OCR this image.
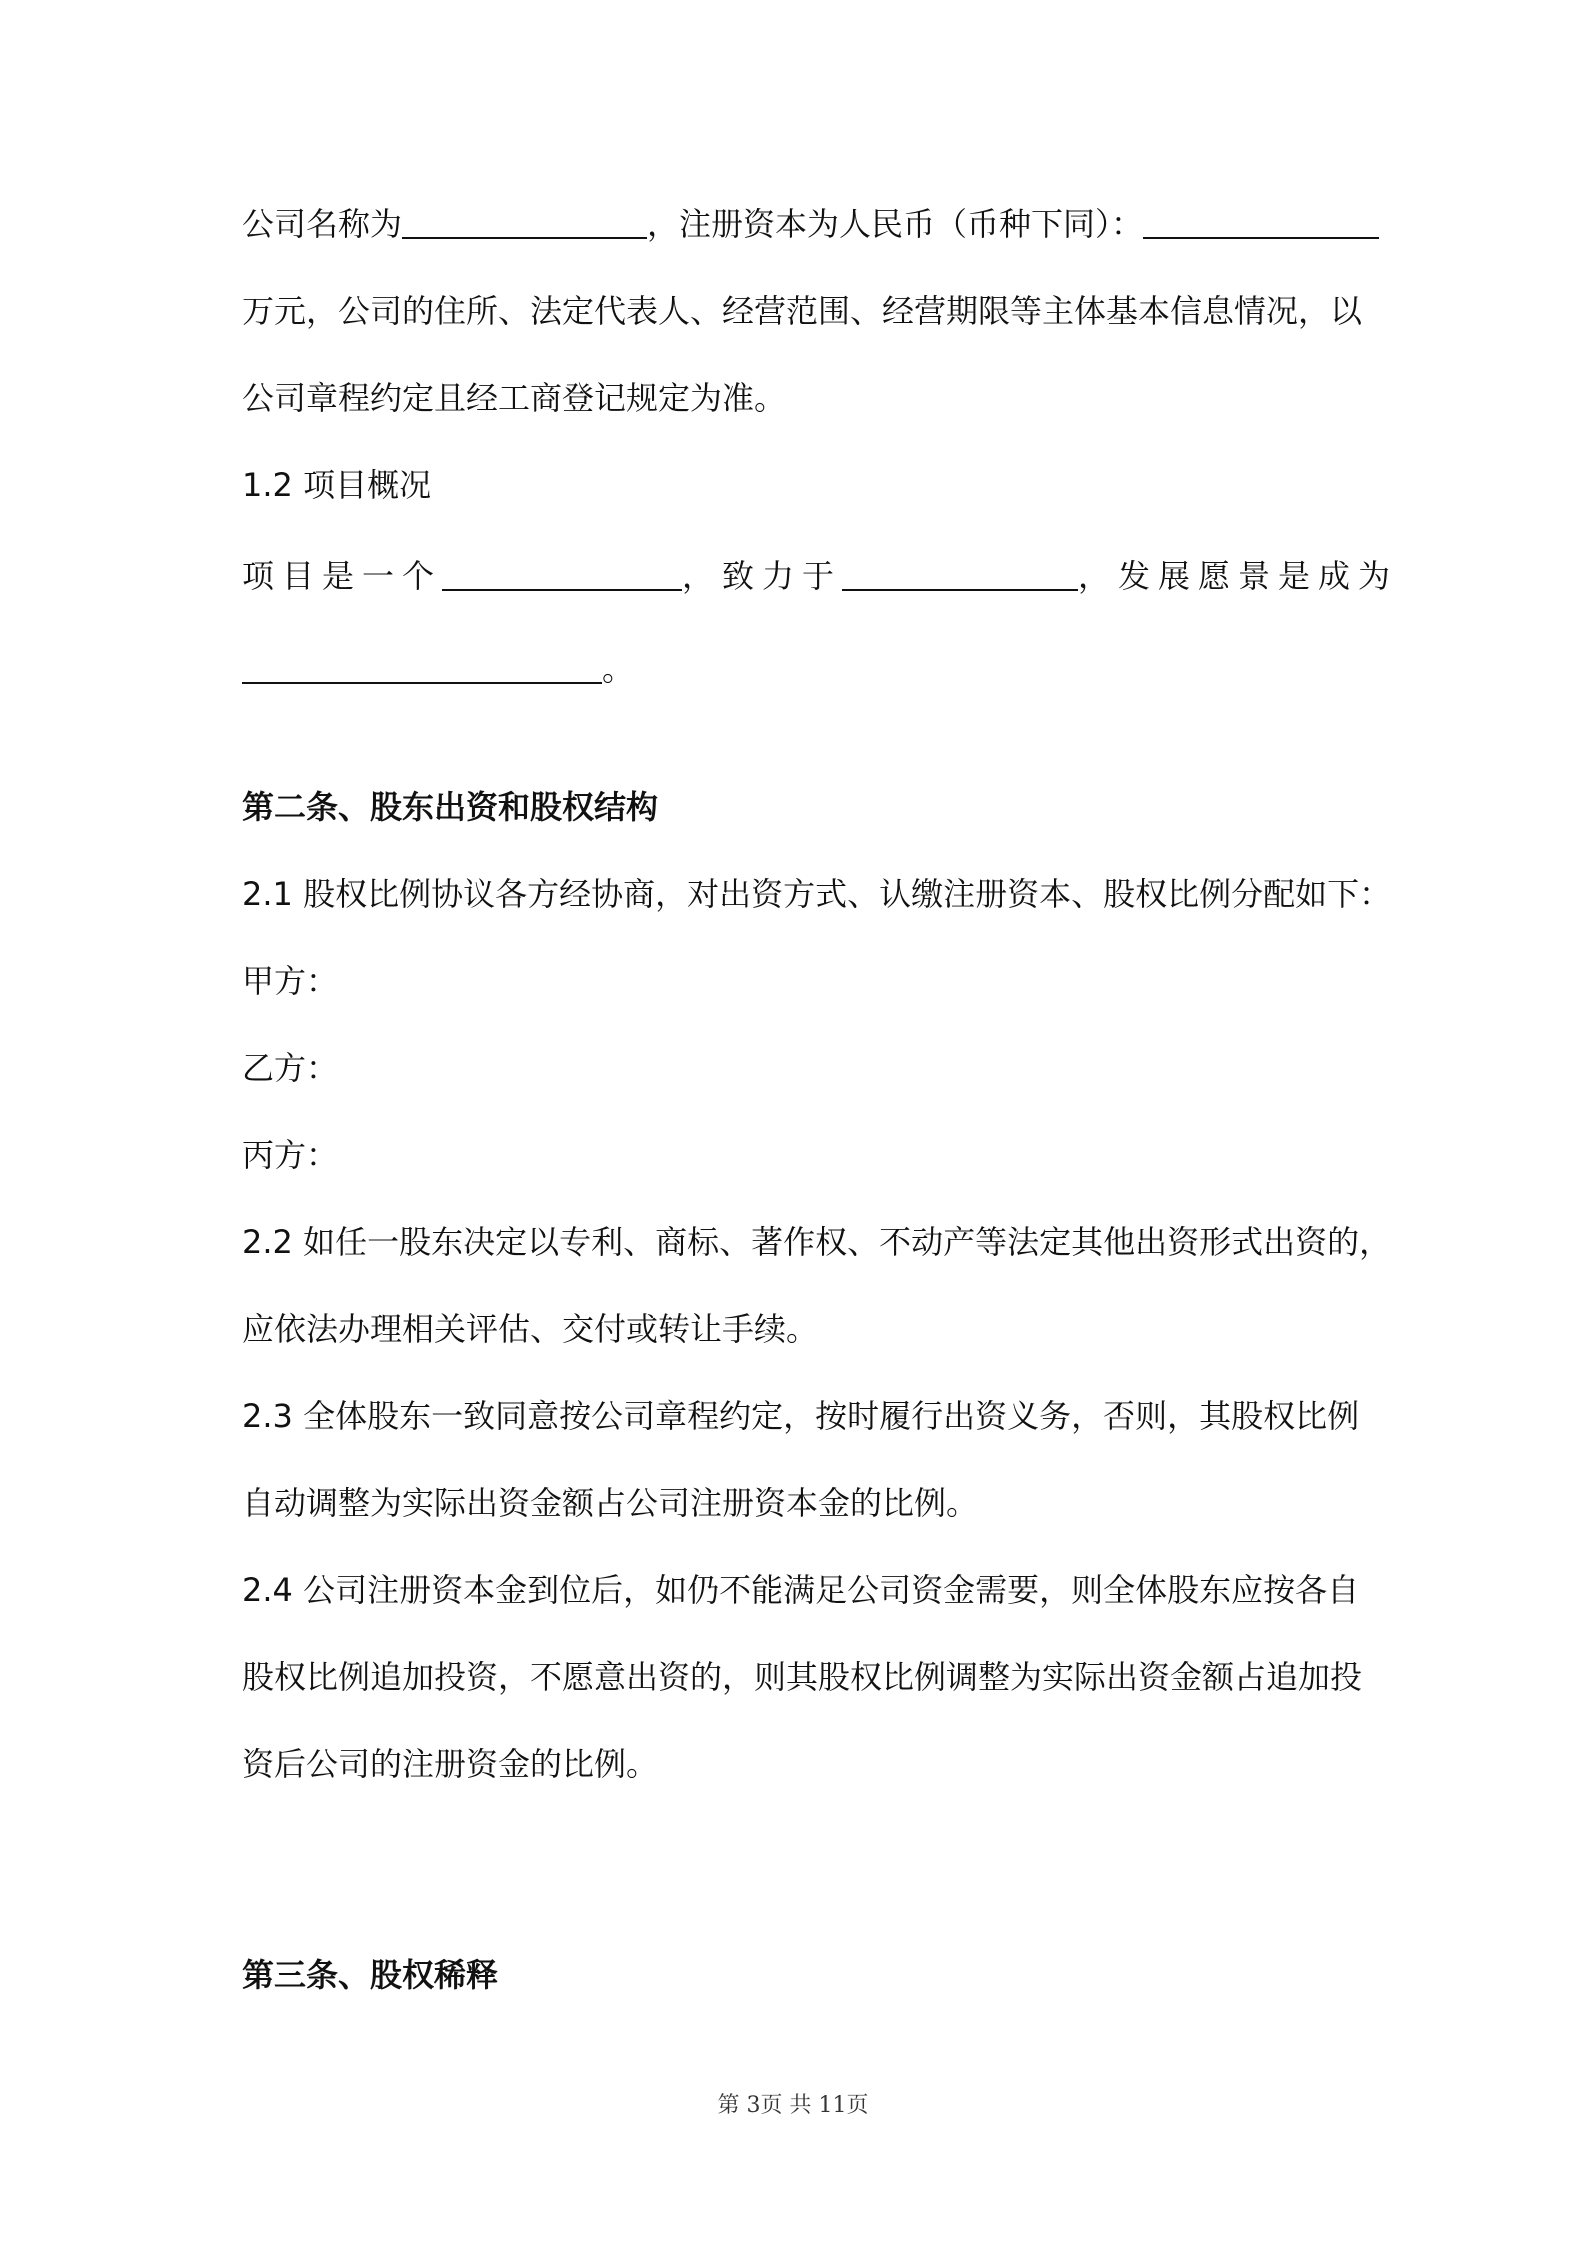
公司名称为	，注册资本为人民币（币种下同）：
万元，公司的住所、法定代表人、经营范围、经营期限等主体基本信息情况，以
公司章程约定且经工商登记规定为准。
1.2 项目概况
项目是一个	，致力于	，发展愿景是成为
。
第二条、股东出资和股权结构
2.1 股权比例协议各方经协商，对出资方式、认缴注册资本、股权比例分配如下：
甲方：
乙方：
丙方：
2.2 如任一股东决定以专利、商标、著作权、不动产等法定其他出资形式出资的，
应依法办理相关评估、交付或转让手续。
2.3 全体股东一致同意按公司章程约定，按时履行出资义务，否则，其股权比例
自动调整为实际出资金额占公司注册资本金的比例。
2.4 公司注册资本金到位后，如仍不能满足公司资金需要，则全体股东应按各自
股权比例追加投资，不愿意出资的，则其股权比例调整为实际出资金额占追加投
资后公司的注册资金的比例。
第三条、股权稀释
第 3页 共 11页
